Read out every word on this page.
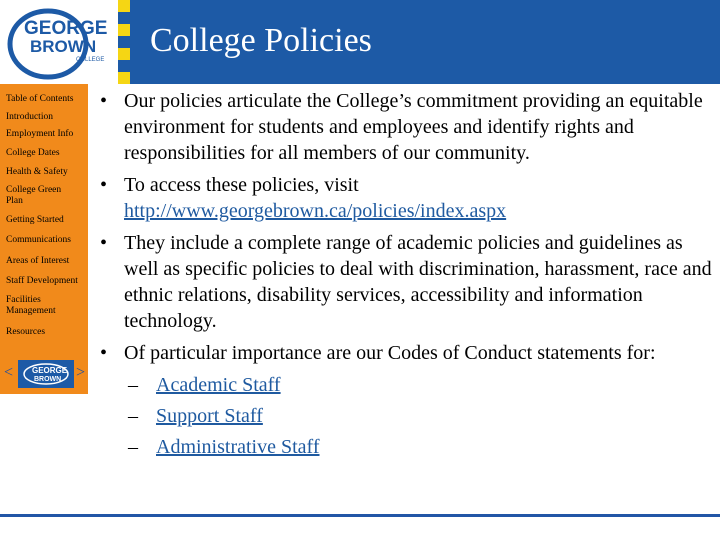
GEORGE
BROWN
COLLEGE
College Policies
Table of Contents
Introduction
Employment Info
College Dates
Health & Safety
College Green Plan
Getting Started
Communications
Areas of Interest
Staff Development
Facilities Management
Resources
< GEORGE
BROWN >
• Our policies articulate the College’s commitment providing an equitable environment for students and employees and identify rights and responsibilities for all members of our community.
• To access these policies, visit
http://www.georgebrown.ca/policies/index.aspx
• They include a complete range of academic policies and guidelines as well as specific policies to deal with discrimination, harassment, race and ethnic relations, disability services, accessibility and information technology.
• Of particular importance are our Codes of Conduct statements for:
– Academic Staff
– Support Staff
– Administrative Staff
